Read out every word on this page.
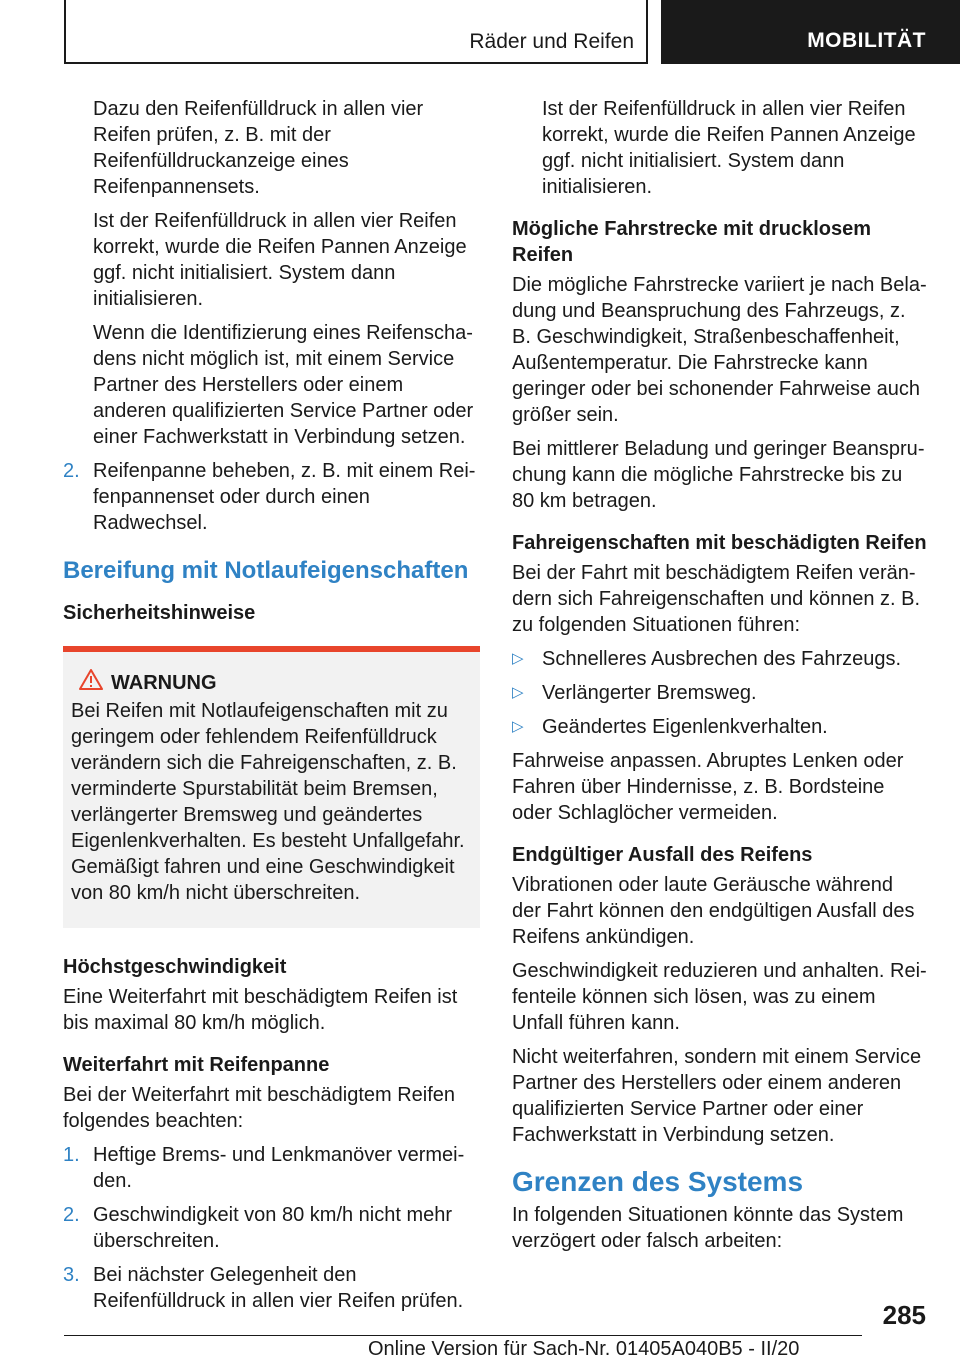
Räder und Reifen	MOBILITÄT

Dazu den Reifenfülldruck in allen vier Reifen prüfen, z. B. mit der Reifenfülldruckanzeige eines Reifenpannensets.

Ist der Reifenfülldruck in allen vier Reifen korrekt, wurde die Reifen Pannen Anzeige ggf. nicht initialisiert. System dann initialisieren.

Wenn die Identifizierung eines Reifenschadens nicht möglich ist, mit einem Service Partner des Herstellers oder einem anderen qualifizierten Service Partner oder einer Fachwerkstatt in Verbindung setzen.

2. Reifenpanne beheben, z. B. mit einem Reifenpannenset oder durch einen Radwechsel.
Bereifung mit Notlaufeigenschaften
Sicherheitshinweise
WARNUNG

Bei Reifen mit Notlaufeigenschaften mit zu geringem oder fehlendem Reifenfülldruck verändern sich die Fahreigenschaften, z. B. verminderte Spurstabilität beim Bremsen, verlängerter Bremsweg und geändertes Eigenlenkverhalten. Es besteht Unfallgefahr. Gemäßigt fahren und eine Geschwindigkeit von 80 km/h nicht überschreiten.

Höchstgeschwindigkeit

Eine Weiterfahrt mit beschädigtem Reifen ist bis maximal 80 km/h möglich.

Weiterfahrt mit Reifenpanne

Bei der Weiterfahrt mit beschädigtem Reifen folgendes beachten:

1. Heftige Brems- und Lenkmanöver vermeiden.
2. Geschwindigkeit von 80 km/h nicht mehr überschreiten.
3. Bei nächster Gelegenheit den Reifenfülldruck in allen vier Reifen prüfen.

Ist der Reifenfülldruck in allen vier Reifen korrekt, wurde die Reifen Pannen Anzeige ggf. nicht initialisiert. System dann initialisieren.

Mögliche Fahrstrecke mit drucklosem Reifen

Die mögliche Fahrstrecke variiert je nach Beladung und Beanspruchung des Fahrzeugs, z. B. Geschwindigkeit, Straßenbeschaffenheit, Außentemperatur. Die Fahrstrecke kann geringer oder bei schonender Fahrweise auch größer sein.

Bei mittlerer Beladung und geringer Beanspruchung kann die mögliche Fahrstrecke bis zu 80 km betragen.

Fahreigenschaften mit beschädigten Reifen

Bei der Fahrt mit beschädigtem Reifen verändern sich Fahreigenschaften und können z. B. zu folgenden Situationen führen:

▷ Schnelleres Ausbrechen des Fahrzeugs.
▷ Verlängerter Bremsweg.
▷ Geändertes Eigenlenkverhalten.

Fahrweise anpassen. Abruptes Lenken oder Fahren über Hindernisse, z. B. Bordsteine oder Schlaglöcher vermeiden.

Endgültiger Ausfall des Reifens

Vibrationen oder laute Geräusche während der Fahrt können den endgültigen Ausfall des Reifens ankündigen.

Geschwindigkeit reduzieren und anhalten. Reifenteile können sich lösen, was zu einem Unfall führen kann.

Nicht weiterfahren, sondern mit einem Service Partner des Herstellers oder einem anderen qualifizierten Service Partner oder einer Fachwerkstatt in Verbindung setzen.

Grenzen des Systems

In folgenden Situationen könnte das System verzögert oder falsch arbeiten:

285
Online Version für Sach-Nr. 01405A040B5 - II/20
